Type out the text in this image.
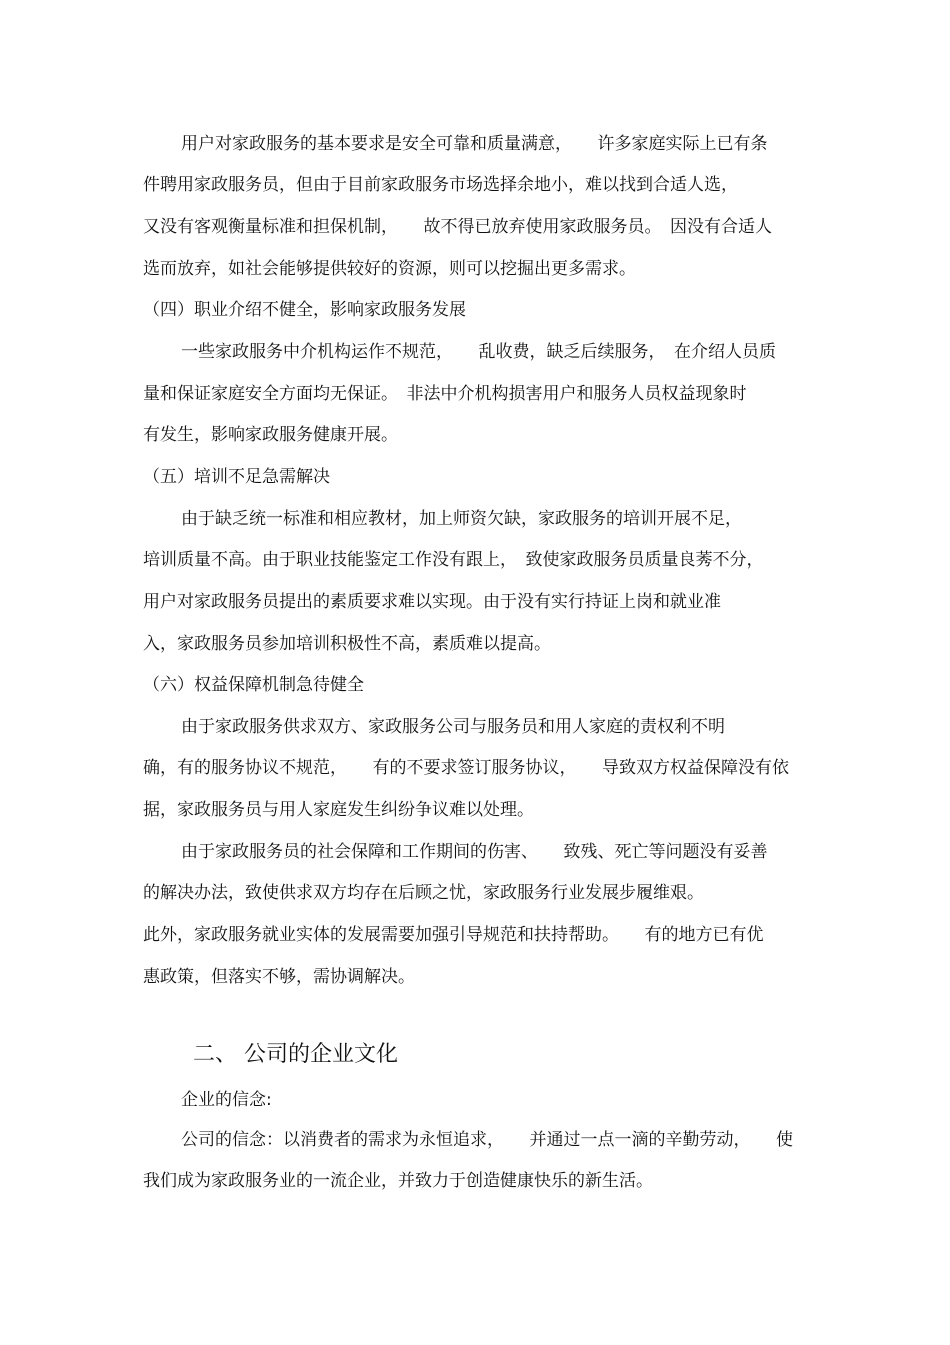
用户对家政服务的基本要求是安全可靠和质量满意，　　许多家庭实际上已有条
件聘用家政服务员，但由于目前家政服务市场选择余地小，难以找到合适人选，
又没有客观衡量标准和担保机制，　　故不得已放弃使用家政服务员。　因没有合适人
选而放弃，如社会能够提供较好的资源，则可以挖掘出更多需求。
（四）职业介绍不健全，影响家政服务发展
一些家政服务中介机构运作不规范，　　乱收费，缺乏后续服务，　在介绍人员质
量和保证家庭安全方面均无保证。　非法中介机构损害用户和服务人员权益现象时
有发生，影响家政服务健康开展。
（五）培训不足急需解决
由于缺乏统一标准和相应教材，加上师资欠缺，家政服务的培训开展不足，
培训质量不高。由于职业技能鉴定工作没有跟上，　致使家政服务员质量良莠不分，
用户对家政服务员提出的素质要求难以实现。由于没有实行持证上岗和就业准
入，家政服务员参加培训积极性不高，素质难以提高。
（六）权益保障机制急待健全
由于家政服务供求双方、家政服务公司与服务员和用人家庭的责权利不明
确，有的服务协议不规范，　　有的不要求签订服务协议，　　导致双方权益保障没有依
据，家政服务员与用人家庭发生纠纷争议难以处理。
由于家政服务员的社会保障和工作期间的伤害、　　致残、死亡等问题没有妥善
的解决办法，致使供求双方均存在后顾之忧，家政服务行业发展步履维艰。
此外，家政服务就业实体的发展需要加强引导规范和扶持帮助。　　有的地方已有优
惠政策，但落实不够，需协调解决。
二、 公司的企业文化
企业的信念:
公司的信念：以消费者的需求为永恒追求，　　并通过一点一滴的辛勤劳动，　　使
我们成为家政服务业的一流企业，并致力于创造健康快乐的新生活。
